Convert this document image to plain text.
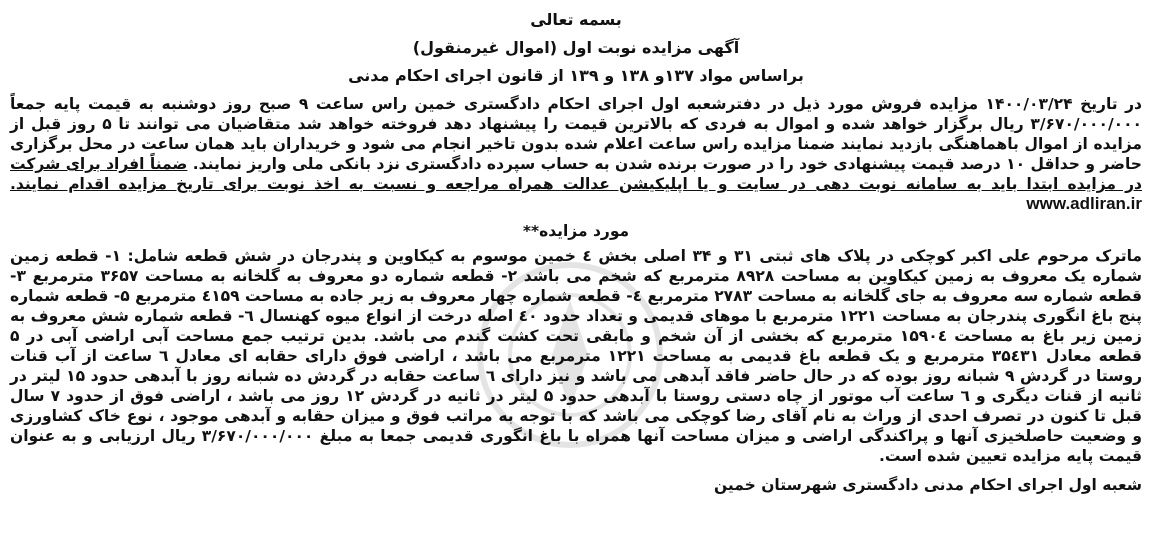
بسمه تعالی
آگهی مزایده نوبت اول (اموال غیرمنقول)
براساس مواد ۱۳۷و ۱۳۸ و ۱۳۹ از قانون اجرای احکام مدنی

در تاریخ ۱۴۰۰/۰۳/۲۴ مزایده فروش مورد ذیل در دفترشعبه اول اجرای احکام دادگستری خمین راس ساعت ۹ صبح روز دوشنبه به قیمت پایه جمعاً ۳/۶۷۰/۰۰۰/۰۰۰ ریال برگزار خواهد شده و اموال به فردی که بالاترین قیمت را پیشنهاد دهد فروخته خواهد شد متقاضیان می توانند تا ۵ روز قبل از مزایده از اموال باهماهنگی بازدید نمایند ضمنا مزایده راس ساعت اعلام شده بدون تاخیر انجام می شود و خریداران باید همان ساعت در محل برگزاری حاضر و حداقل ۱۰ درصد قیمت پیشنهادی خود را در صورت برنده شدن به حساب سپرده دادگستری نزد بانکی ملی واریز نمایند. ضمناً افراد برای شرکت در مزایده ابتدا باید به سامانه نوبت دهی در سایت و یا اپلیکیشن عدالت همراه مراجعه و نسبت به اخذ نوبت برای تاریخ مزایده اقدام نمایند. www.adliran.ir

مورد مزایده**

ماترک مرحوم علی اکبر کوچکی در پلاک های ثبتی ۳۱ و ۳۴ اصلی بخش ٤ خمین موسوم به کیکاوین و پندرجان در شش قطعه شامل: ۱- قطعه زمین شماره یک معروف به زمین کیکاوین به مساحت ۸۹۲۸ مترمربع که شخم می باشد ۲- قطعه شماره دو معروف به گلخانه به مساحت ۳۶۵۷ مترمربع ۳- قطعه شماره سه معروف به جای گلخانه به مساحت ۲۷۸۳ مترمربع ٤- قطعه شماره چهار معروف به زیر جاده به مساحت ٤۱۵۹ مترمربع ۵- قطعه شماره پنج باغ انگوری پندرجان به مساحت ۱۲۲۱ مترمربع با موهای قدیمی و تعداد حدود ٤۰ اصله درخت از انواع میوه کهنسال ٦- قطعه شماره شش معروف به زمین زیر باغ به مساحت ۱۵۹۰٤ مترمربع که بخشی از آن شخم و مابقی تحت کشت گندم می باشد. بدین ترتیب جمع مساحت آبی اراضی آبی در ۵ قطعه معادل ۳۵٤۳۱ مترمربع و یک قطعه باغ قدیمی به مساحت ۱۲۲۱ مترمربع می باشد ، اراضی فوق دارای حقابه ای معادل ٦ ساعت از آب قنات روستا در گردش ۹ شبانه روز بوده که در حال حاضر فاقد آبدهی می باشد و نیز دارای ٦ ساعت حقابه در گردش ده شبانه روز با آبدهی حدود ۱۵ لیتر در ثانیه از قنات دیگری و ٦ ساعت آب موتور از چاه دستی روستا با آبدهی حدود ۵ لیتر در ثانیه در گردش ۱۲ روز می باشد ، اراضی فوق از حدود ۷ سال قبل تا کنون در تصرف احدی از وراث به نام آقای رضا کوچکی می باشد که با توجه به مراتب فوق و میزان حقابه و آبدهی موجود ، نوع خاک کشاورزی و وضعیت حاصلخیزی آنها و پراکندگی اراضی و میزان مساحت آنها همراه با باغ انگوری قدیمی جمعا به مبلغ ۳/۶۷۰/۰۰۰/۰۰۰ ریال ارزیابی و به عنوان قیمت پایه مزایده تعیین شده است.

شعبه اول اجرای احکام مدنی دادگستری شهرستان خمین
